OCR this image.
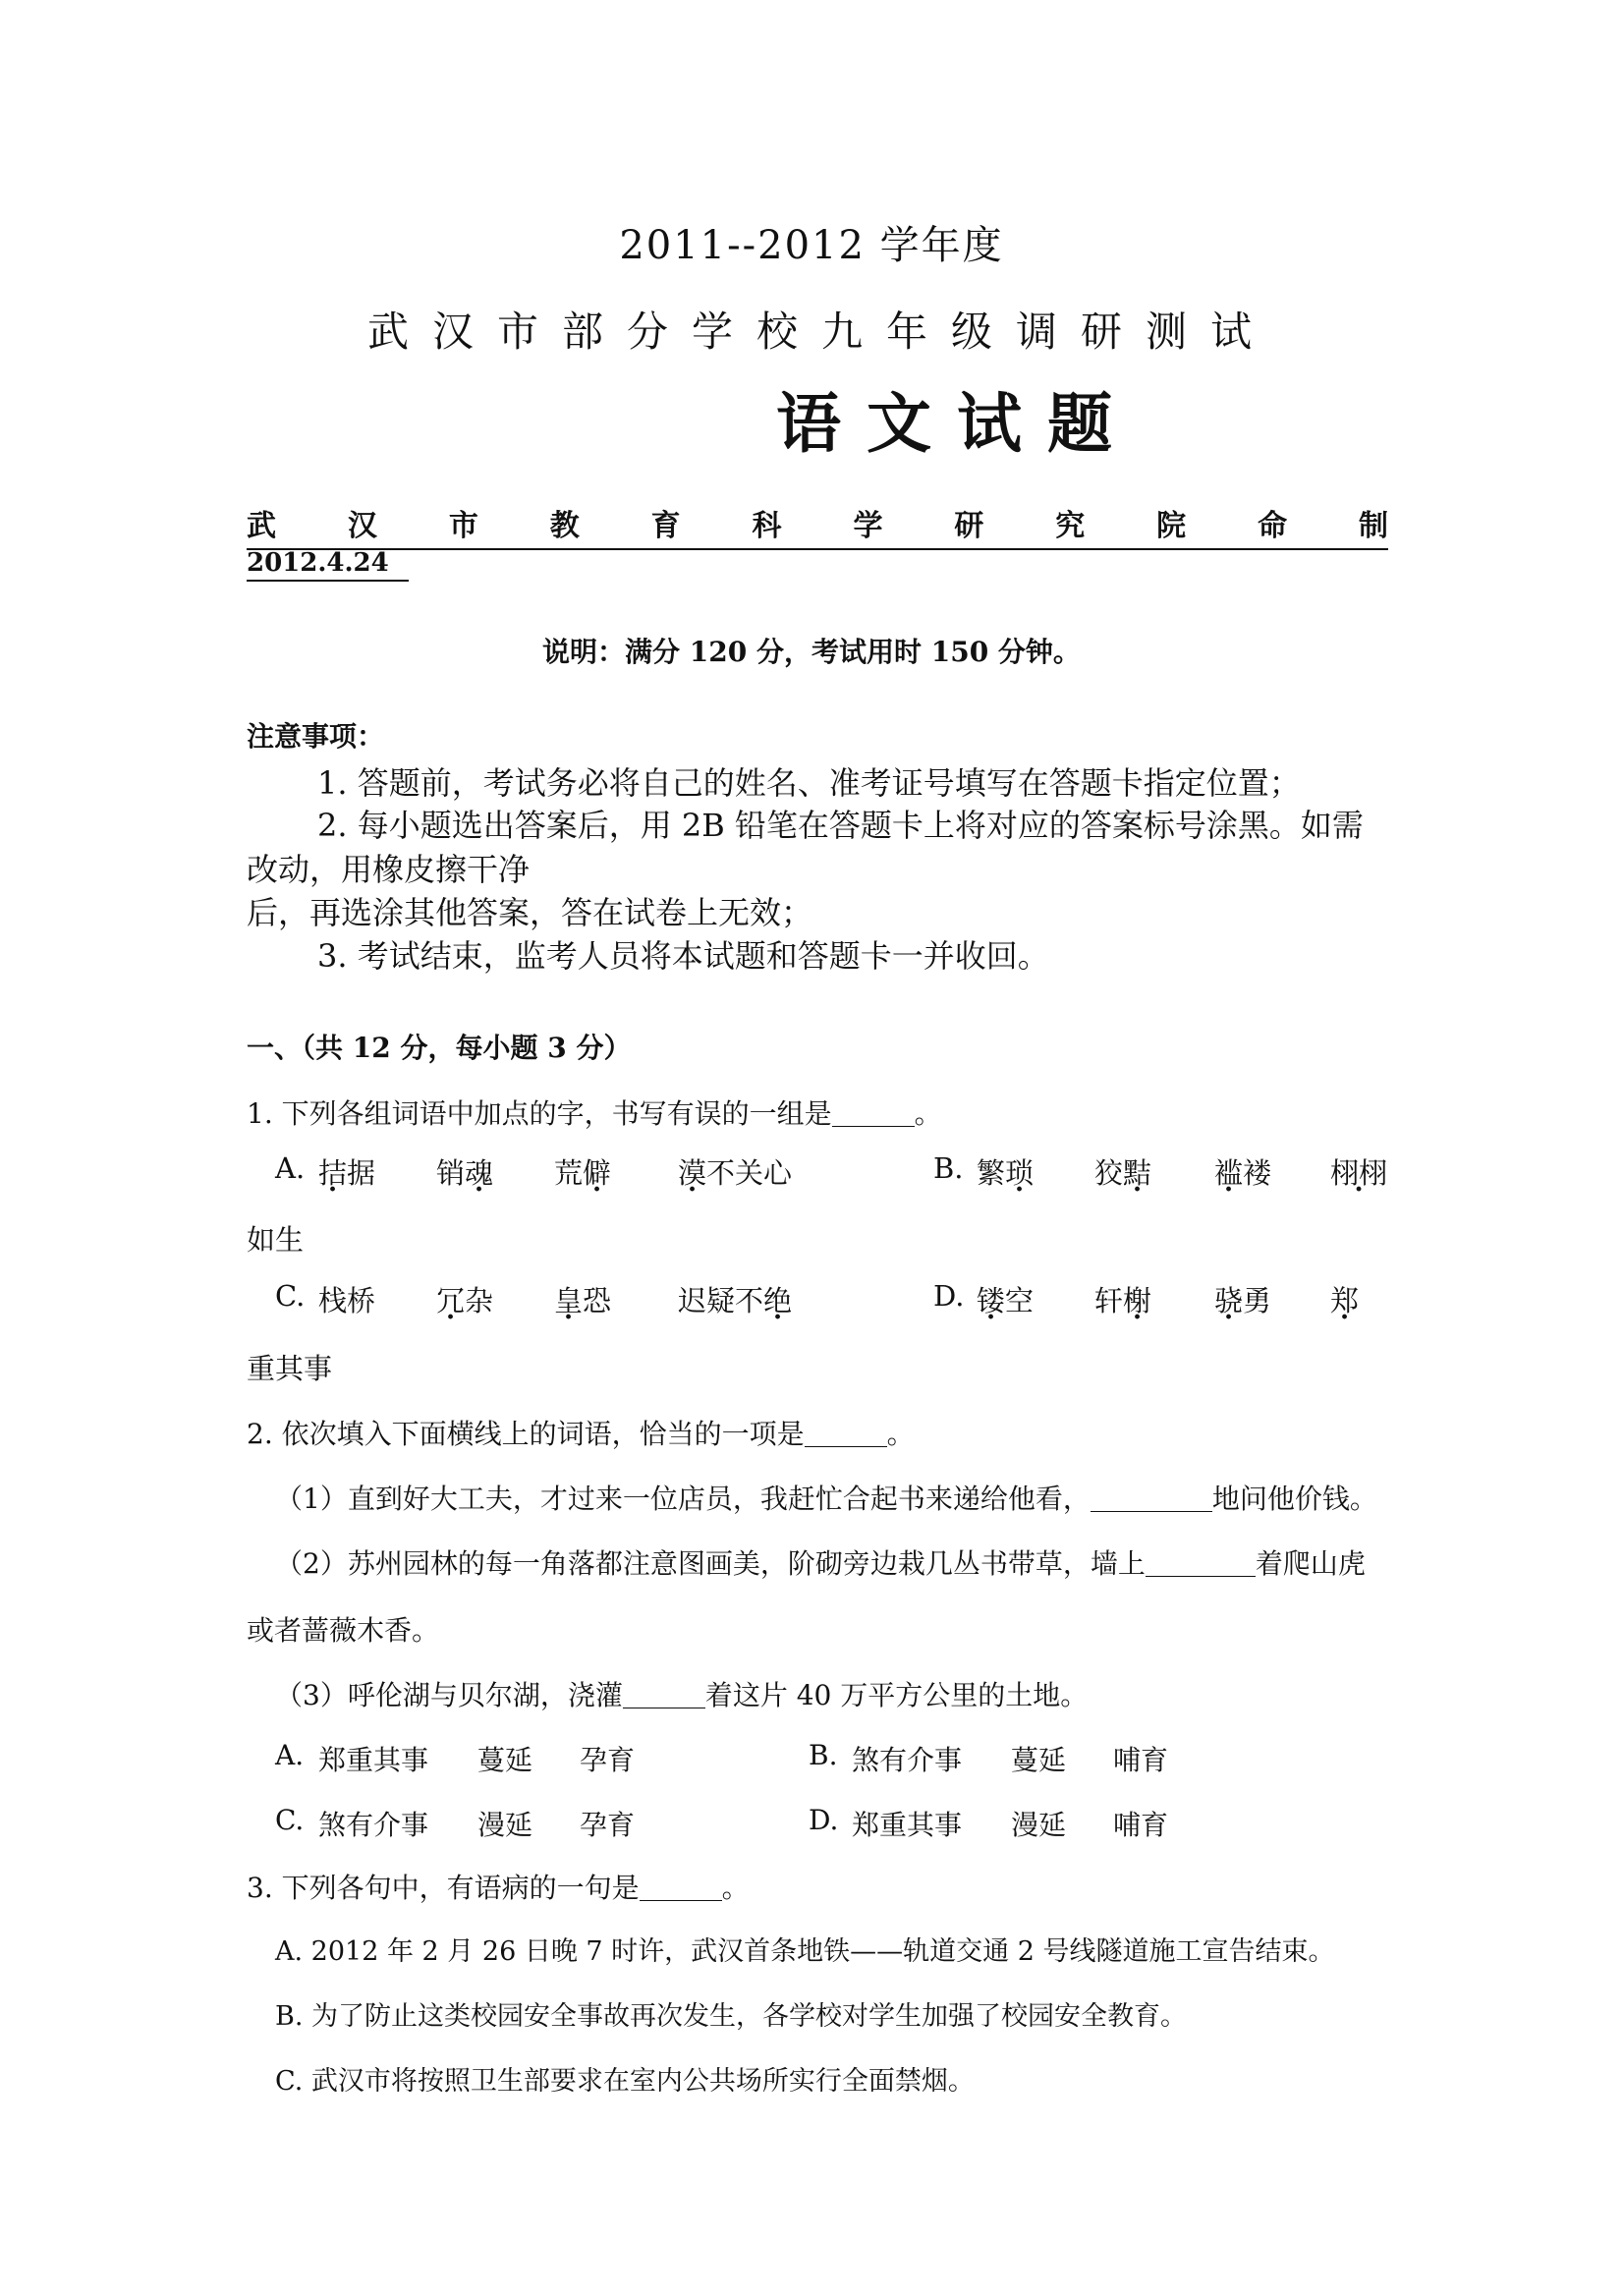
2011--2012 学年度
武汉市部分学校九年级调研测试
语文试题
武 汉 市 教 育 科 学 研 究 院 命 制
2012.4.24
说明：满分 120 分，考试用时 150 分钟。
注意事项：
1. 答题前，考试务必将自己的姓名、准考证号填写在答题卡指定位置；
2. 每小题选出答案后，用 2B 铅笔在答题卡上将对应的答案标号涂黑。如需
改动，用橡皮擦干净
后，再选涂其他答案，答在试卷上无效；
3. 考试结束，监考人员将本试题和答题卡一并收回。
一、（共 12 分，每小题 3 分）
1. 下列各组词语中加点的字，书写有误的一组是	。
A. 拮据	销魂	荒僻	漠不关心	B. 繁琐	狡黠	褴褛	栩栩
如生
C. 栈桥	冗杂	皇恐	迟疑不绝	D. 镂空	轩榭	骁勇	郑
重其事
2. 依次填入下面横线上的词语，恰当的一项是	。
（1）直到好大工夫，才过来一位店员，我赶忙合起书来递给他看，	地问他价钱。
（2）苏州园林的每一角落都注意图画美，阶砌旁边栽几丛书带草，墙上	着爬山虎
或者蔷薇木香。
（3）呼伦湖与贝尔湖，浇灌	着这片 40 万平方公里的土地。
A. 郑重其事	蔓延	孕育	B. 煞有介事	蔓延	哺育
C. 煞有介事	漫延	孕育	D. 郑重其事	漫延	哺育
3. 下列各句中，有语病的一句是	。
A. 2012 年 2 月 26 日晚 7 时许，武汉首条地铁——轨道交通 2 号线隧道施工宣告结束。
B. 为了防止这类校园安全事故再次发生，各学校对学生加强了校园安全教育。
C. 武汉市将按照卫生部要求在室内公共场所实行全面禁烟。
